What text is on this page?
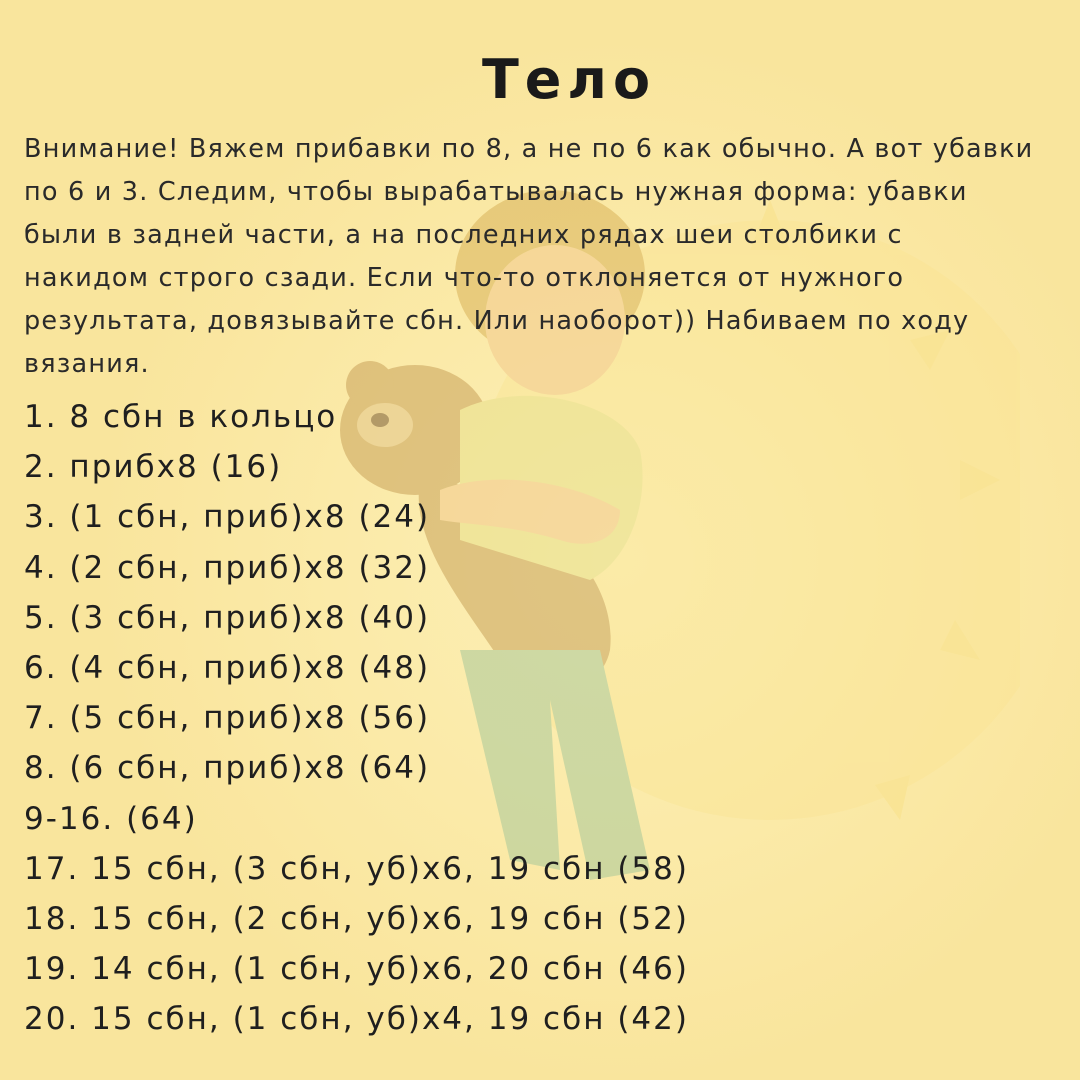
Тело

Внимание! Вяжем прибавки по 8, а не по 6 как обычно. А вот убавки по 6 и 3. Следим, чтобы вырабатывалась нужная форма: убавки были в задней части, а на последних рядах шеи столбики с накидом строго сзади. Если что-то отклоняется от нужного результата, довязывайте сбн. Или наоборот)) Набиваем по ходу вязания.

1. 8 сбн в кольцо
2. прибх8 (16)
3. (1 сбн, приб)х8 (24)
4. (2 сбн, приб)х8 (32)
5. (3 сбн, приб)х8 (40)
6. (4 сбн, приб)х8 (48)
7. (5 сбн, приб)х8 (56)
8. (6 сбн, приб)х8 (64)
9-16. (64)
17. 15 сбн, (3 сбн, уб)х6, 19 сбн (58)
18. 15 сбн, (2 сбн, уб)х6, 19 сбн (52)
19. 14 сбн, (1 сбн, уб)х6, 20 сбн (46)
20. 15 сбн, (1 сбн, уб)х4, 19 сбн (42)
